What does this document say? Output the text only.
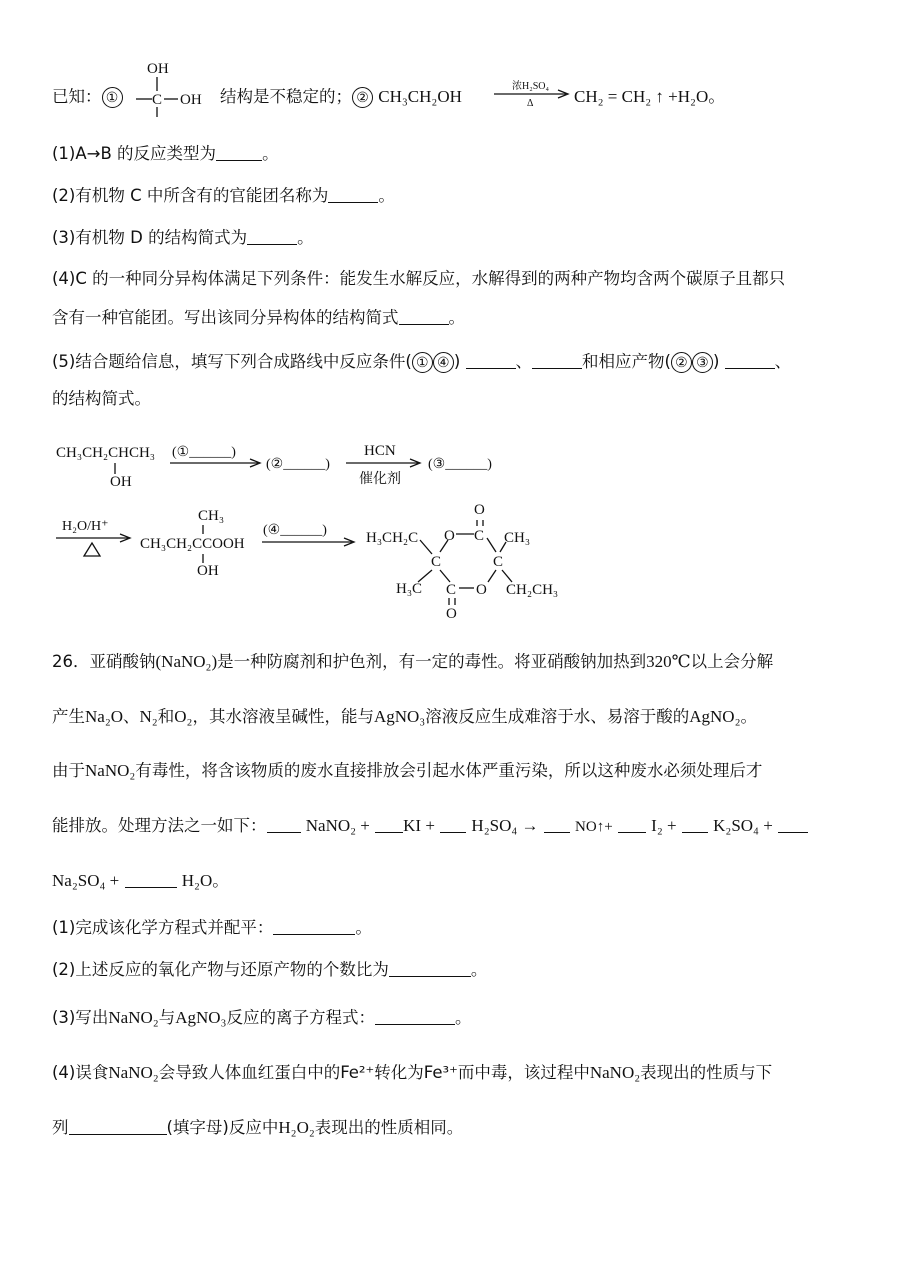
已知： ①
OH
C OH 结构是不稳定的； ② CH₃CH₂OH
浓H₂SO₄
Δ CH₂ = CH₂ ↑ +H₂O。
(1)A→B 的反应类型为	。
(2)有机物 C 中所含有的官能团名称为	。
(3)有机物 D 的结构简式为	。
(4)C 的一种同分异构体满足下列条件：能发生水解反应，水解得到的两种产物均含两个碳原子且都只
含有一种官能团。写出该同分异构体的结构简式	。
(5)结合题给信息，填写下列合成路线中反应条件( ① ④ )	、	和相应产物( ② ③ )	、
的结构简式。
CH₃CH₂CHCH₃
OH
(①______)
(②______)
HCN
催化剂
(③______)
H₂O/H⁺
CH₃
CH₃CH₂CCOOH
OH
(④______)	H₃CH₂C O C
O
CH₃
C	C
H₃C C O CH₂CH₃
O
26．亚硝酸钠(NaNO₂)是一种防腐剂和护色剂，有一定的毒性。将亚硝酸钠加热到320℃以上会分解
产生Na₂O、N₂和O₂，其水溶液呈碱性，能与AgNO₃溶液反应生成难溶于水、易溶于酸的AgNO₂。
由于NaNO₂有毒性，将含该物质的废水直接排放会引起水体严重污染，所以这种废水必须处理后才
能排放。处理方法之一如下： NaNO₂ + KI + H₂SO₄ → NO↑+ I₂ + K₂SO₄ +
Na₂SO₄ +	H₂O。
(1)完成该化学方程式并配平：	。
(2)上述反应的氧化产物与还原产物的个数比为	。
(3)写出NaNO₂与AgNO₃反应的离子方程式：	。
(4)误食NaNO₂会导致人体血红蛋白中的Fe²⁺转化为Fe³⁺而中毒，该过程中NaNO₂表现出的性质与下
列	(填字母)反应中H₂O₂表现出的性质相同。
